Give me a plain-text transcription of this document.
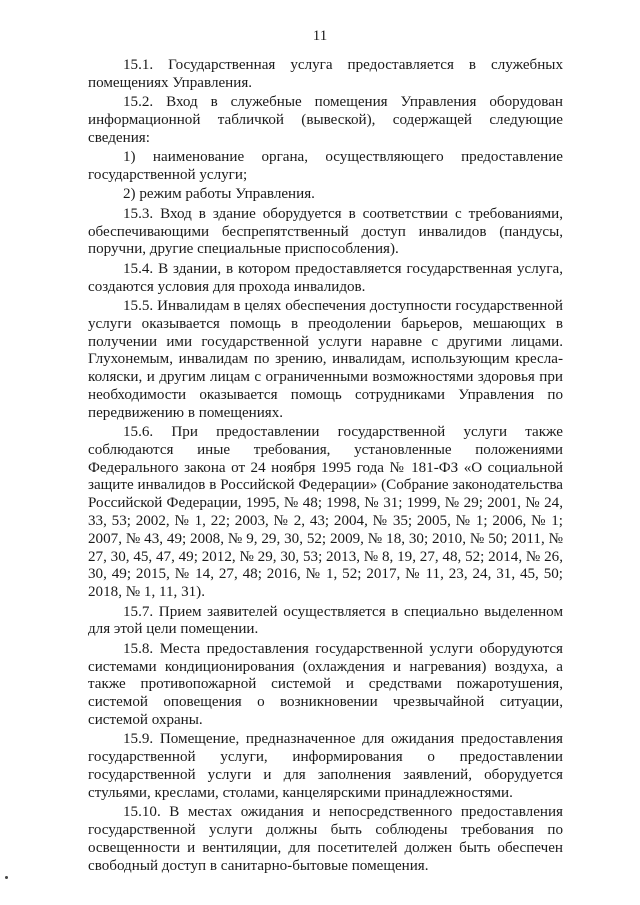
11

15.1. Государственная услуга предоставляется в служебных помещениях Управления.

15.2. Вход в служебные помещения Управления оборудован информационной табличкой (вывеской), содержащей следующие сведения:

1) наименование органа, осуществляющего предоставление государственной услуги;

2) режим работы Управления.

15.3. Вход в здание оборудуется в соответствии с требованиями, обеспечивающими беспрепятственный доступ инвалидов (пандусы, поручни, другие специальные приспособления).

15.4. В здании, в котором предоставляется государственная услуга, создаются условия для прохода инвалидов.

15.5. Инвалидам в целях обеспечения доступности государственной услуги оказывается помощь в преодолении барьеров, мешающих в получении ими государственной услуги наравне с другими лицами. Глухонемым, инвалидам по зрению, инвалидам, использующим кресла-коляски, и другим лицам с ограниченными возможностями здоровья при необходимости оказывается помощь сотрудниками Управления по передвижению в помещениях.

15.6. При предоставлении государственной услуги также соблюдаются иные требования, установленные положениями Федерального закона от 24 ноября 1995 года № 181-ФЗ «О социальной защите инвалидов в Российской Федерации» (Собрание законодательства Российской Федерации, 1995, № 48; 1998, № 31; 1999, № 29; 2001, № 24, 33, 53; 2002, № 1, 22; 2003, № 2, 43; 2004, № 35; 2005, № 1; 2006, № 1; 2007, № 43, 49; 2008, № 9, 29, 30, 52; 2009, № 18, 30; 2010, № 50; 2011, № 27, 30, 45, 47, 49; 2012, № 29, 30, 53; 2013, № 8, 19, 27, 48, 52; 2014, № 26, 30, 49; 2015, № 14, 27, 48; 2016, № 1, 52; 2017, № 11, 23, 24, 31, 45, 50; 2018, № 1, 11, 31).

15.7. Прием заявителей осуществляется в специально выделенном для этой цели помещении.

15.8. Места предоставления государственной услуги оборудуются системами кондиционирования (охлаждения и нагревания) воздуха, а также противопожарной системой и средствами пожаротушения, системой оповещения о возникновении чрезвычайной ситуации, системой охраны.

15.9. Помещение, предназначенное для ожидания предоставления государственной услуги, информирования о предоставлении государственной услуги и для заполнения заявлений, оборудуется стульями, креслами, столами, канцелярскими принадлежностями.

15.10. В местах ожидания и непосредственного предоставления государственной услуги должны быть соблюдены требования по освещенности и вентиляции, для посетителей должен быть обеспечен свободный доступ в санитарно-бытовые помещения.
